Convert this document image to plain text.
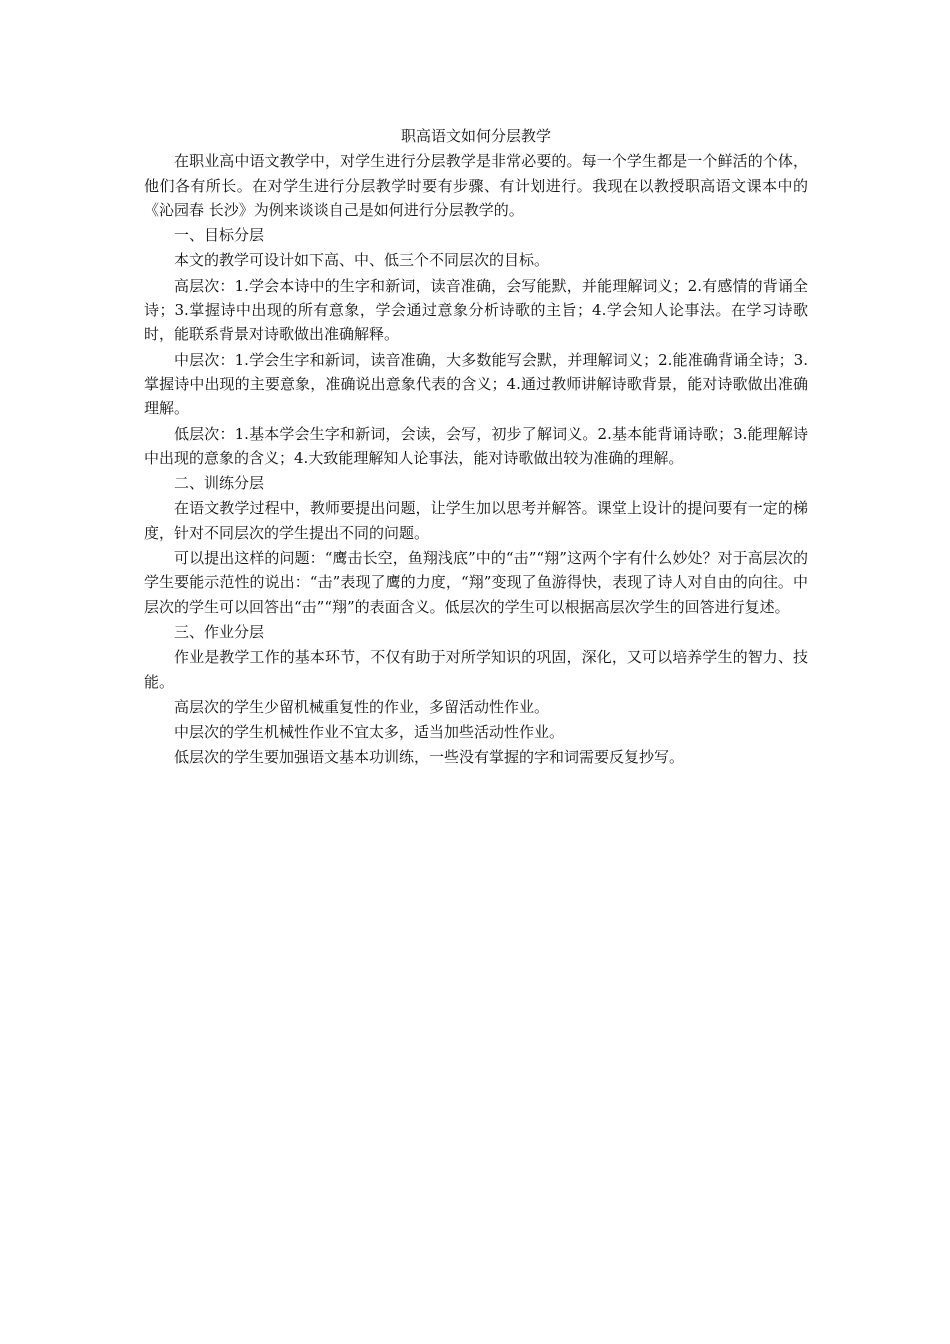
职高语文如何分层教学

在职业高中语文教学中，对学生进行分层教学是非常必要的。每一个学生都是一个鲜活的个体，他们各有所长。在对学生进行分层教学时要有步骤、有计划进行。我现在以教授职高语文课本中的《沁园春 长沙》为例来谈谈自己是如何进行分层教学的。

一、目标分层

本文的教学可设计如下高、中、低三个不同层次的目标。

高层次：1.学会本诗中的生字和新词，读音准确，会写能默，并能理解词义；2.有感情的背诵全诗；3.掌握诗中出现的所有意象，学会通过意象分析诗歌的主旨；4.学会知人论事法。在学习诗歌时，能联系背景对诗歌做出准确解释。

中层次：1.学会生字和新词，读音准确，大多数能写会默，并理解词义；2.能准确背诵全诗；3.掌握诗中出现的主要意象，准确说出意象代表的含义；4.通过教师讲解诗歌背景，能对诗歌做出准确理解。

低层次：1.基本学会生字和新词，会读，会写，初步了解词义。2.基本能背诵诗歌；3.能理解诗中出现的意象的含义；4.大致能理解知人论事法，能对诗歌做出较为准确的理解。

二、训练分层

在语文教学过程中，教师要提出问题，让学生加以思考并解答。课堂上设计的提问要有一定的梯度，针对不同层次的学生提出不同的问题。

可以提出这样的问题：“鹰击长空，鱼翔浅底”中的“击”“翔”这两个字有什么妙处？对于高层次的学生要能示范性的说出：“击”表现了鹰的力度，“翔”变现了鱼游得快，表现了诗人对自由的向往。中层次的学生可以回答出“击”“翔”的表面含义。低层次的学生可以根据高层次学生的回答进行复述。

三、作业分层

作业是教学工作的基本环节，不仅有助于对所学知识的巩固，深化，又可以培养学生的智力、技能。

高层次的学生少留机械重复性的作业，多留活动性作业。

中层次的学生机械性作业不宜太多，适当加些活动性作业。

低层次的学生要加强语文基本功训练，一些没有掌握的字和词需要反复抄写。
